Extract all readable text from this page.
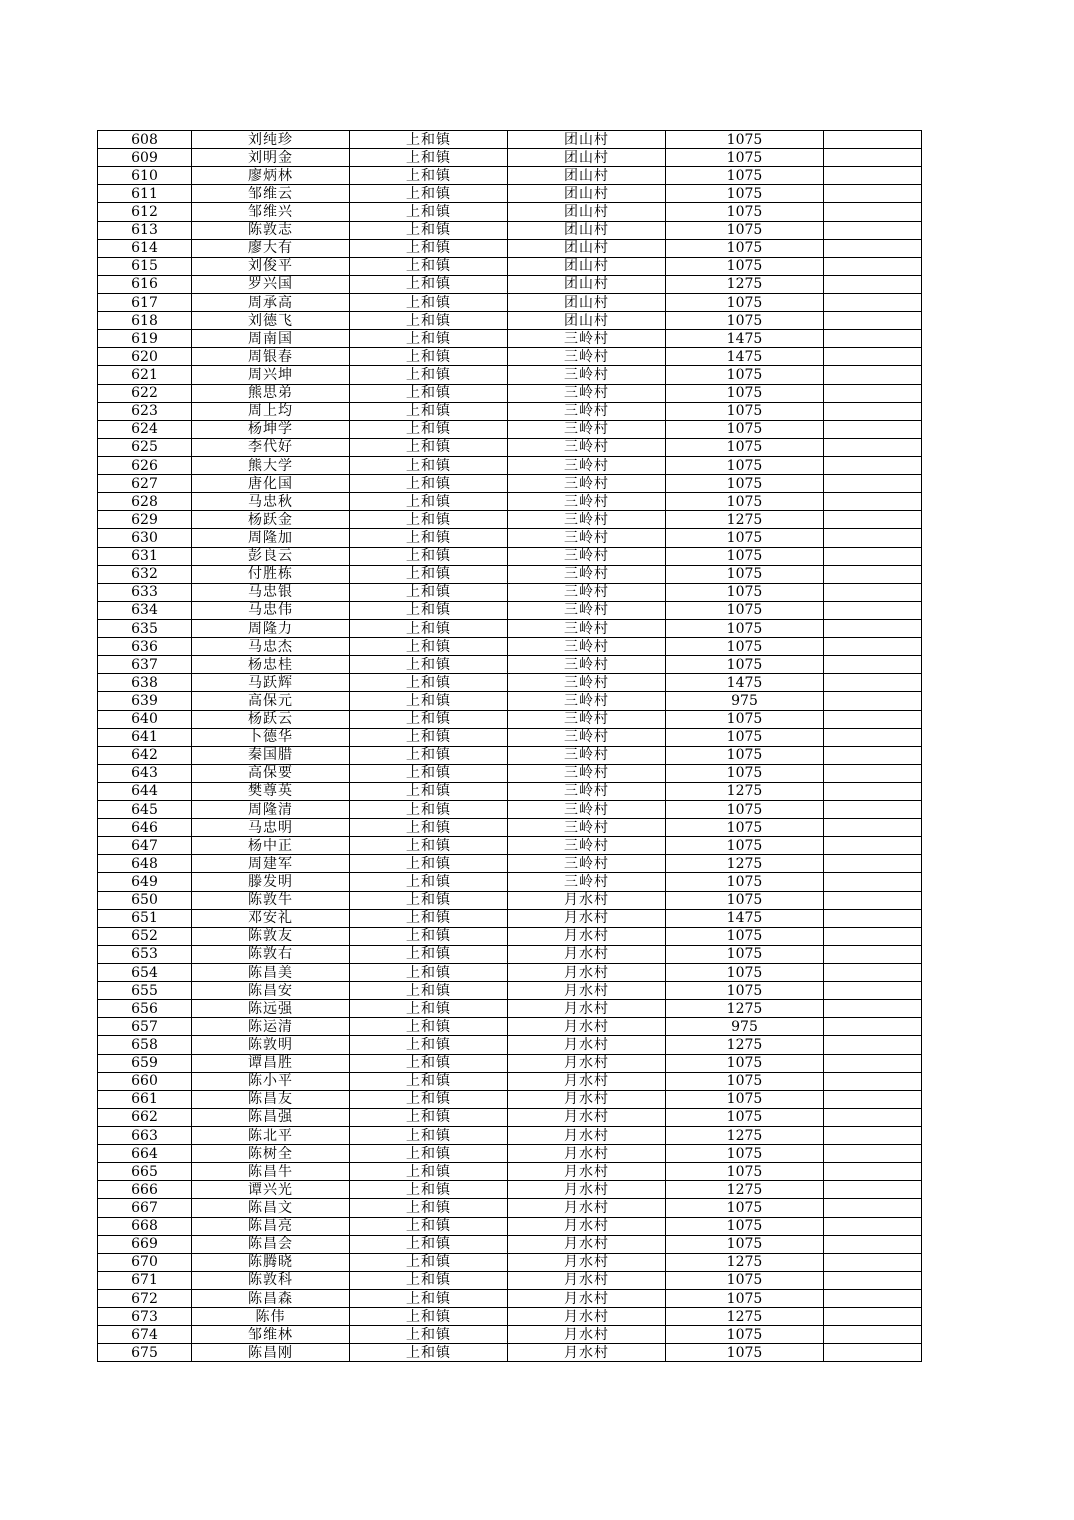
608	刘纯珍	上和镇	团山村	1075	
609	刘明金	上和镇	团山村	1075	
610	廖炳林	上和镇	团山村	1075	
611	邹维云	上和镇	团山村	1075	
612	邹维兴	上和镇	团山村	1075	
613	陈敦志	上和镇	团山村	1075	
614	廖大有	上和镇	团山村	1075	
615	刘俊平	上和镇	团山村	1075	
616	罗兴国	上和镇	团山村	1275	
617	周承高	上和镇	团山村	1075	
618	刘德飞	上和镇	团山村	1075	
619	周南国	上和镇	三岭村	1475	
620	周银春	上和镇	三岭村	1475	
621	周兴坤	上和镇	三岭村	1075	
622	熊思弟	上和镇	三岭村	1075	
623	周上均	上和镇	三岭村	1075	
624	杨坤学	上和镇	三岭村	1075	
625	李代好	上和镇	三岭村	1075	
626	熊大学	上和镇	三岭村	1075	
627	唐化国	上和镇	三岭村	1075	
628	马忠秋	上和镇	三岭村	1075	
629	杨跃金	上和镇	三岭村	1275	
630	周隆加	上和镇	三岭村	1075	
631	彭良云	上和镇	三岭村	1075	
632	付胜栋	上和镇	三岭村	1075	
633	马忠银	上和镇	三岭村	1075	
634	马忠伟	上和镇	三岭村	1075	
635	周隆力	上和镇	三岭村	1075	
636	马忠杰	上和镇	三岭村	1075	
637	杨忠桂	上和镇	三岭村	1075	
638	马跃辉	上和镇	三岭村	1475	
639	高保元	上和镇	三岭村	975	
640	杨跃云	上和镇	三岭村	1075	
641	卜德华	上和镇	三岭村	1075	
642	秦国腊	上和镇	三岭村	1075	
643	高保要	上和镇	三岭村	1075	
644	樊尊英	上和镇	三岭村	1275	
645	周隆清	上和镇	三岭村	1075	
646	马忠明	上和镇	三岭村	1075	
647	杨中正	上和镇	三岭村	1075	
648	周建军	上和镇	三岭村	1275	
649	滕发明	上和镇	三岭村	1075	
650	陈敦牛	上和镇	月水村	1075	
651	邓安礼	上和镇	月水村	1475	
652	陈敦友	上和镇	月水村	1075	
653	陈敦右	上和镇	月水村	1075	
654	陈昌美	上和镇	月水村	1075	
655	陈昌安	上和镇	月水村	1075	
656	陈远强	上和镇	月水村	1275	
657	陈运清	上和镇	月水村	975	
658	陈敦明	上和镇	月水村	1275	
659	谭昌胜	上和镇	月水村	1075	
660	陈小平	上和镇	月水村	1075	
661	陈昌友	上和镇	月水村	1075	
662	陈昌强	上和镇	月水村	1075	
663	陈北平	上和镇	月水村	1275	
664	陈树全	上和镇	月水村	1075	
665	陈昌牛	上和镇	月水村	1075	
666	谭兴光	上和镇	月水村	1275	
667	陈昌文	上和镇	月水村	1075	
668	陈昌亮	上和镇	月水村	1075	
669	陈昌会	上和镇	月水村	1075	
670	陈腾晓	上和镇	月水村	1275	
671	陈敦科	上和镇	月水村	1075	
672	陈昌森	上和镇	月水村	1075	
673	陈伟	上和镇	月水村	1275	
674	邹维林	上和镇	月水村	1075	
675	陈昌刚	上和镇	月水村	1075	
